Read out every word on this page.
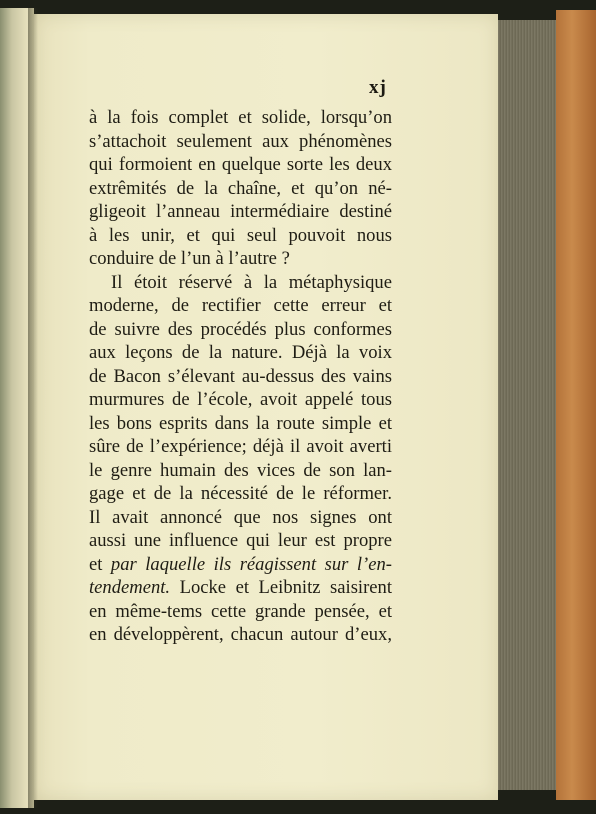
xj
à la fois complet et solide, lorsqu’on
s’attachoit seulement aux phénomènes
qui formoient en quelque sorte les deux
extrêmités de la chaîne, et qu’on né-
gligeoit l’anneau intermédiaire destiné
à les unir, et qui seul pouvoit nous
conduire de l’un à l’autre ?
Il étoit réservé à la métaphysique
moderne, de rectifier cette erreur et
de suivre des procédés plus conformes
aux leçons de la nature. Déjà la voix
de Bacon s’élevant au-dessus des vains
murmures de l’école, avoit appelé tous
les bons esprits dans la route simple et
sûre de l’expérience; déjà il avoit averti
le genre humain des vices de son lan-
gage et de la nécessité de le réformer.
Il avait annoncé que nos signes ont
aussi une influence qui leur est propre
et par laquelle ils réagissent sur l’en-
tendement. Locke et Leibnitz saisirent
en même-tems cette grande pensée, et
en développèrent, chacun autour d’eux,
